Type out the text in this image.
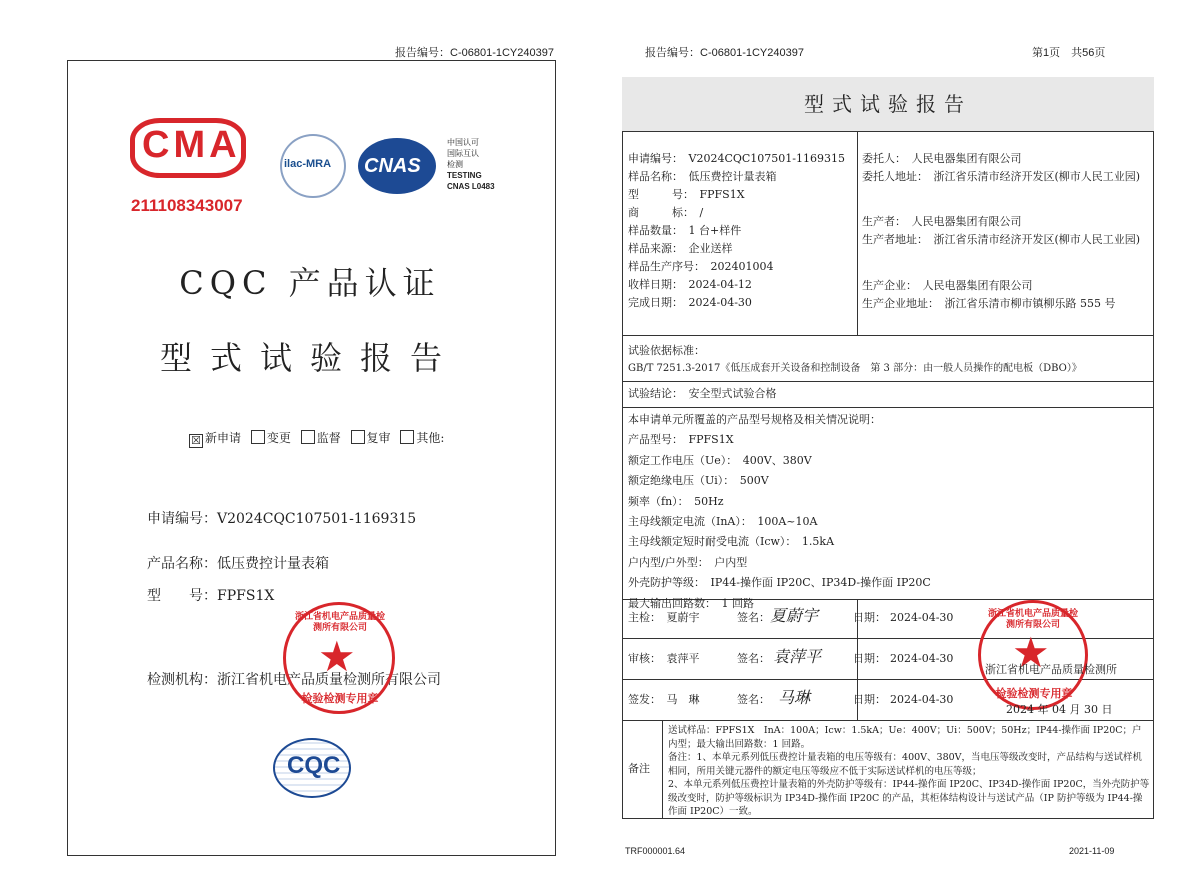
报告编号：C-06801-1CY240397
CMA
211108343007
ilac-MRA CNAS
中国认可
国际互认
检测
TESTING
CNAS L0483
CQC 产品认证
型式试验报告
☒ 新申请 变更 监督 复审 其他:
申请编号：V2024CQC107501-1169315
产品名称：低压费控计量表箱
型　　号：FPFS1X
检测机构：浙江省机电产品质量检测所有限公司
★
浙江省机电产品质量检测所有限公司
检验检测专用章
CQC
报告编号：C-06801-1CY240397	第1页　共56页
型式试验报告
申请编号：　V2024CQC107501-1169315
样品名称：　低压费控计量表箱
型　　　号：　FPFS1X
商　　　标：　/
样品数量：　1 台+样件
样品来源：　企业送样
样品生产序号：　202401004
收样日期：　2024-04-12
完成日期：　2024-04-30
委托人：　人民电器集团有限公司
委托人地址：　浙江省乐清市经济开发区(柳市人民工业园)
生产者：　人民电器集团有限公司
生产者地址：　浙江省乐清市经济开发区(柳市人民工业园)
生产企业：　人民电器集团有限公司
生产企业地址：　浙江省乐清市柳市镇柳乐路 555 号
试验依据标准：
GB/T 7251.3-2017《低压成套开关设备和控制设备　第 3 部分：由一般人员操作的配电板（DBO）》
试验结论：　安全型式试验合格
本申请单元所覆盖的产品型号规格及相关情况说明：
产品型号：　FPFS1X
额定工作电压（Ue）：　400V、380V
额定绝缘电压（Ui）：　500V
频率（fn）：　50Hz
主母线额定电流（InA）：　100A~10A
主母线额定短时耐受电流（Icw）：　1.5kA
户内型/户外型：　户内型
外壳防护等级：　IP44-操作面 IP20C、IP34D-操作面 IP20C
最大输出回路数：　1 回路
主检：　夏蔚宇	签名： 夏蔚宇	日期： 2024-04-30
审核：　袁萍平	签名： 袁萍平	日期： 2024-04-30
签发：　马　琳	签名： 马琳	日期： 2024-04-30
★
浙江省机电产品质量检测所有限公司
检验检测专用章
浙江省机电产品质量检测所
2024 年 04 月 30 日
备注
送试样品：FPFS1X　InA：100A；Icw：1.5kA；Ue：400V；Ui：500V；50Hz；IP44-操作面 IP20C；户内型；最大输出回路数：1 回路。
备注：1、本单元系列低压费控计量表箱的电压等级有：400V、380V，当电压等级改变时，产品结构与送试样机相同，所用关键元器件的额定电压等级应不低于实际送试样机的电压等级；
2、本单元系列低压费控计量表箱的外壳防护等级有：IP44-操作面 IP20C、IP34D-操作面 IP20C，当外壳防护等级改变时，防护等级标识为 IP34D-操作面 IP20C 的产品，其柜体结构设计与送试产品（IP 防护等级为 IP44-操作面 IP20C）一致。
TRF000001.64	2021-11-09
